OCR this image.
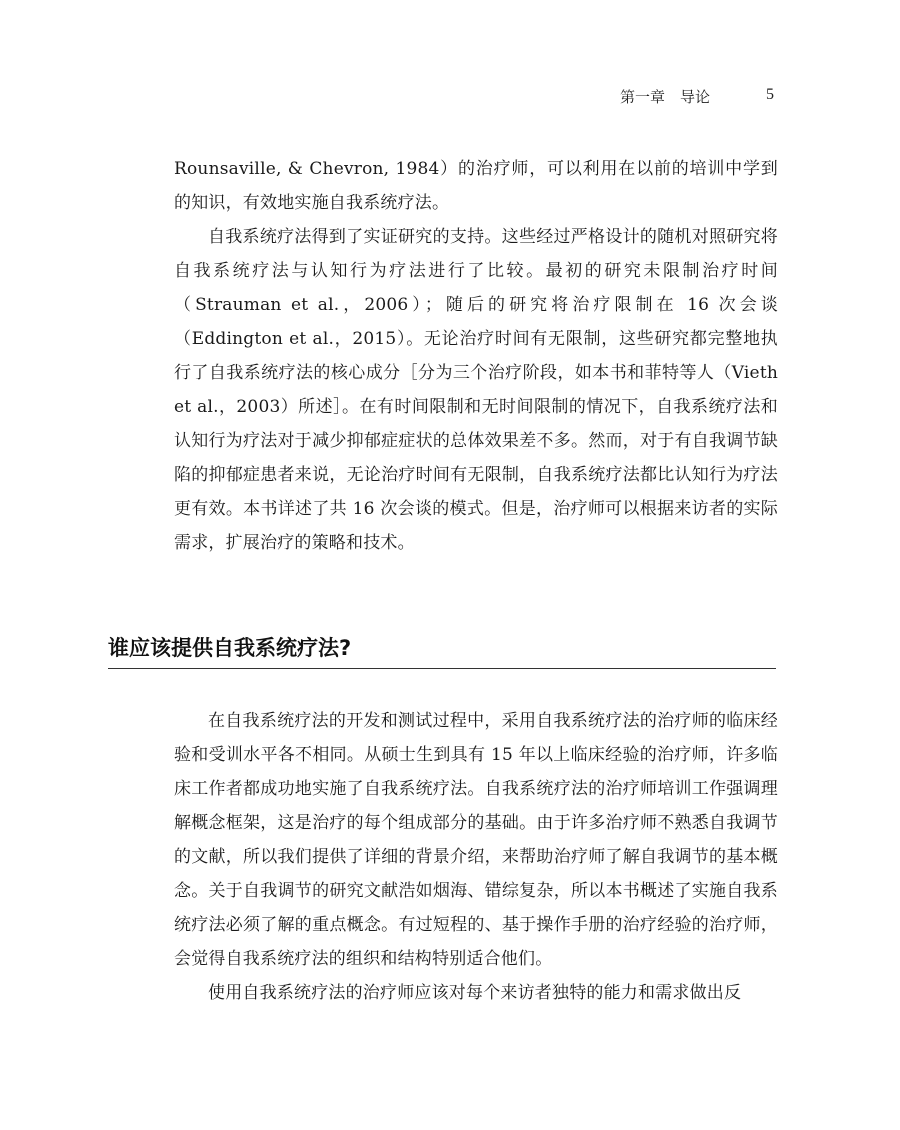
第一章　导论	5

Rounsaville, & Chevron, 1984）的治疗师，可以利用在以前的培训中学到的知识，有效地实施自我系统疗法。

自我系统疗法得到了实证研究的支持。这些经过严格设计的随机对照研究将自我系统疗法与认知行为疗法进行了比较。最初的研究未限制治疗时间（Strauman et al.，2006）；随后的研究将治疗限制在 16 次会谈（Eddington et al.，2015）。无论治疗时间有无限制，这些研究都完整地执行了自我系统疗法的核心成分［分为三个治疗阶段，如本书和菲特等人（Vieth et al.，2003）所述］。在有时间限制和无时间限制的情况下，自我系统疗法和认知行为疗法对于减少抑郁症症状的总体效果差不多。然而，对于有自我调节缺陷的抑郁症患者来说，无论治疗时间有无限制，自我系统疗法都比认知行为疗法更有效。本书详述了共 16 次会谈的模式。但是，治疗师可以根据来访者的实际需求，扩展治疗的策略和技术。

谁应该提供自我系统疗法?

在自我系统疗法的开发和测试过程中，采用自我系统疗法的治疗师的临床经验和受训水平各不相同。从硕士生到具有 15 年以上临床经验的治疗师，许多临床工作者都成功地实施了自我系统疗法。自我系统疗法的治疗师培训工作强调理解概念框架，这是治疗的每个组成部分的基础。由于许多治疗师不熟悉自我调节的文献，所以我们提供了详细的背景介绍，来帮助治疗师了解自我调节的基本概念。关于自我调节的研究文献浩如烟海、错综复杂，所以本书概述了实施自我系统疗法必须了解的重点概念。有过短程的、基于操作手册的治疗经验的治疗师，会觉得自我系统疗法的组织和结构特别适合他们。

使用自我系统疗法的治疗师应该对每个来访者独特的能力和需求做出反
